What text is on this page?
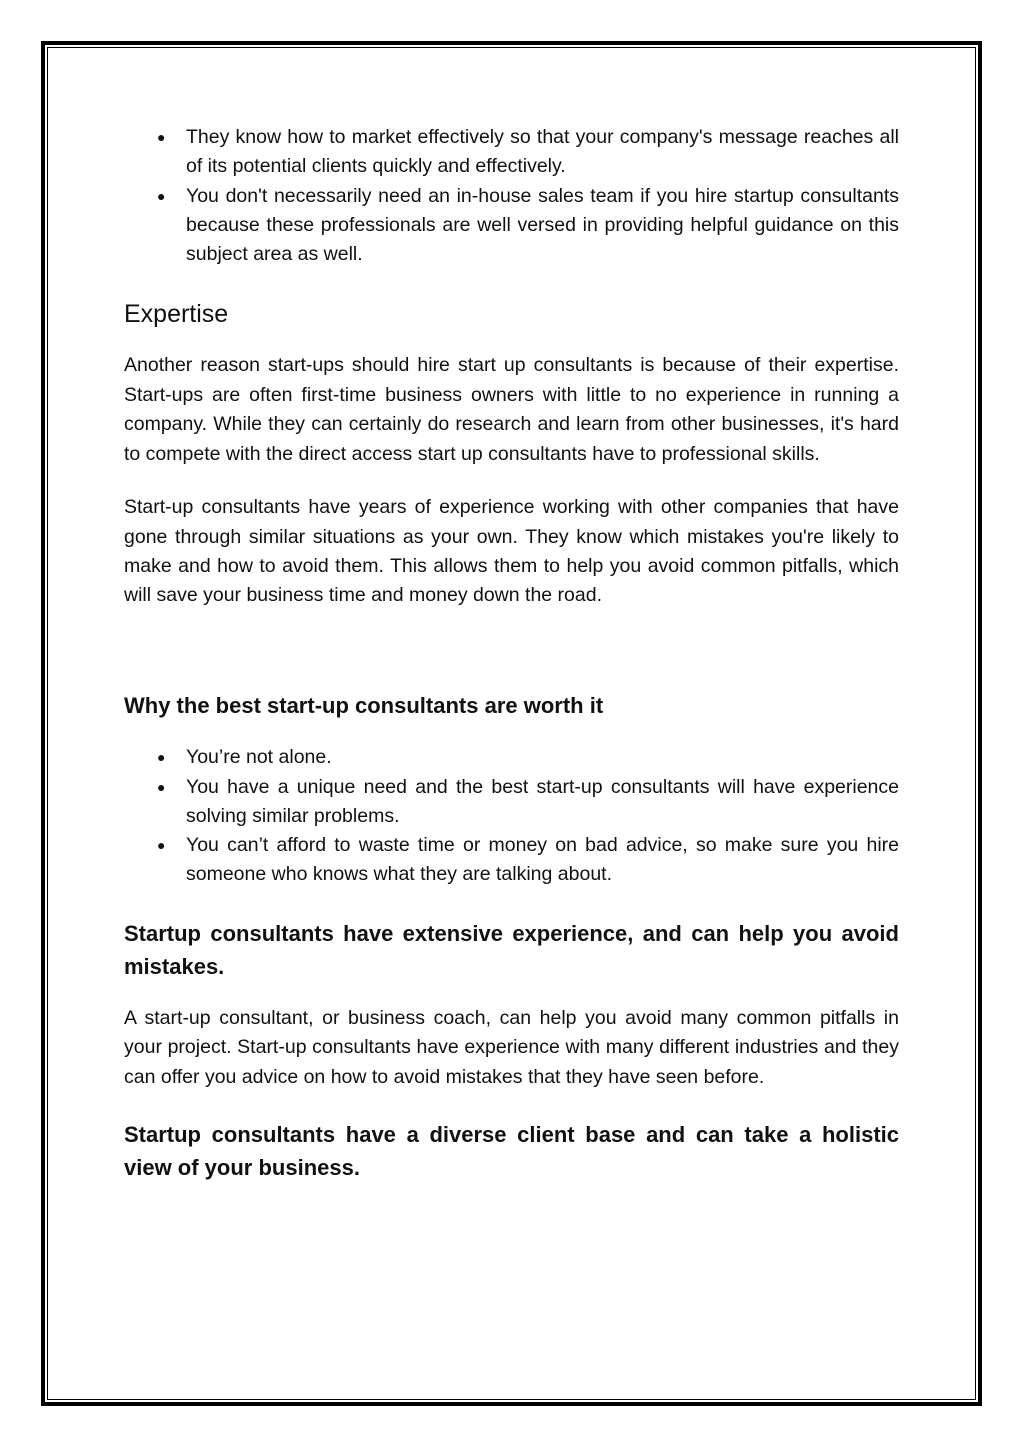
● They know how to market effectively so that your company's message reaches all of its potential clients quickly and effectively.
● You don't necessarily need an in-house sales team if you hire startup consultants because these professionals are well versed in providing helpful guidance on this subject area as well.
Expertise

Another reason start-ups should hire start up consultants is because of their expertise. Start-ups are often first-time business owners with little to no experience in running a company. While they can certainly do research and learn from other businesses, it's hard to compete with the direct access start up consultants have to professional skills.

Start-up consultants have years of experience working with other companies that have gone through similar situations as your own. They know which mistakes you're likely to make and how to avoid them. This allows them to help you avoid common pitfalls, which will save your business time and money down the road.

Why the best start-up consultants are worth it
● You’re not alone.
● You have a unique need and the best start-up consultants will have experience solving similar problems.
● You can’t afford to waste time or money on bad advice, so make sure you hire someone who knows what they are talking about.
Startup consultants have extensive experience, and can help you avoid mistakes.

A start-up consultant, or business coach, can help you avoid many common pitfalls in your project. Start-up consultants have experience with many different industries and they can offer you advice on how to avoid mistakes that they have seen before.

Startup consultants have a diverse client base and can take a holistic view of your business.
